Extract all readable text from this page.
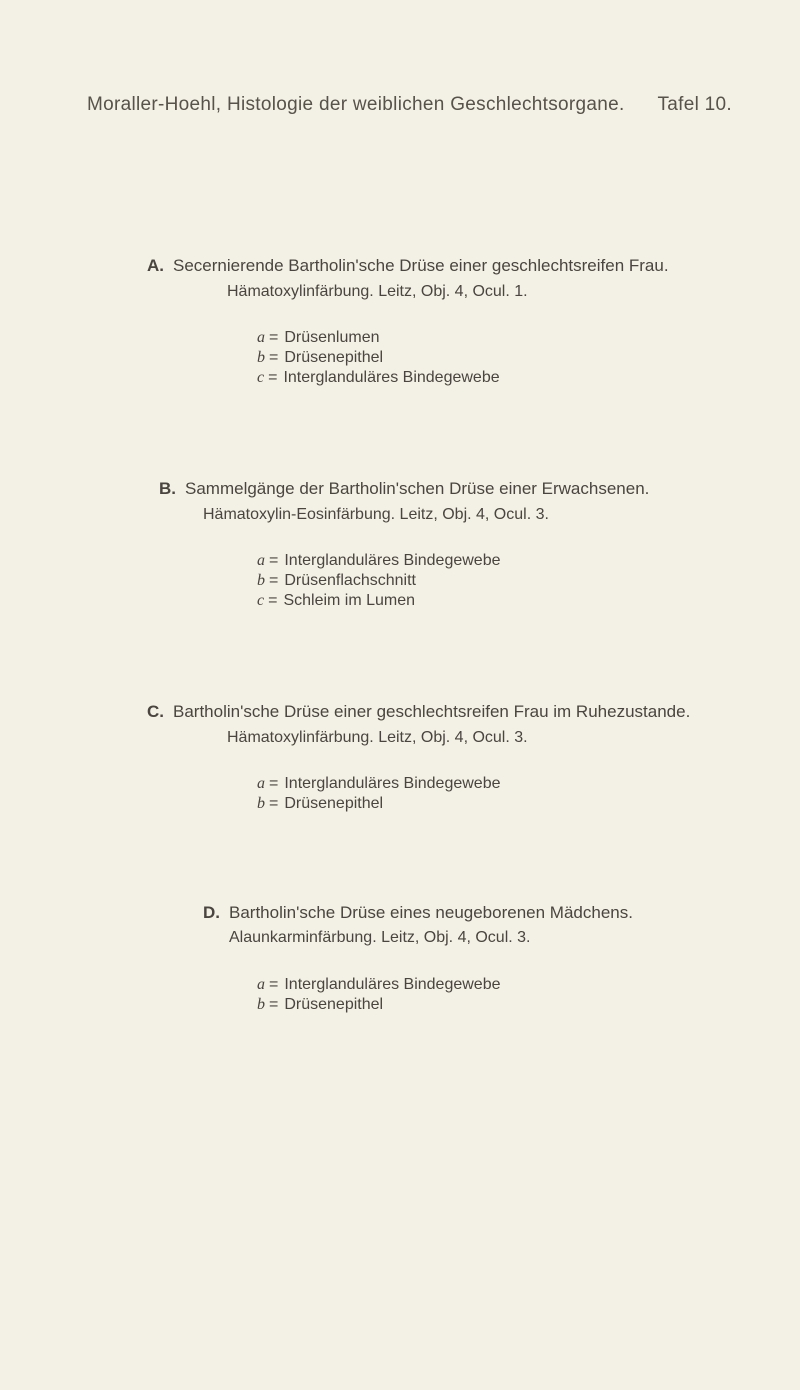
Moraller-Hoehl, Histologie der weiblichen Geschlechtsorgane. Tafel 10.
A. Secernierende Bartholin'sche Drüse einer geschlechtsreifen Frau.
Hämatoxylinfärbung. Leitz, Obj. 4, Ocul. 1.
a = Drüsenlumen
b = Drüsenepithel
c = Interglanduläres Bindegewebe
B. Sammelgänge der Bartholin'schen Drüse einer Erwachsenen.
Hämatoxylin-Eosinfärbung. Leitz, Obj. 4, Ocul. 3.
a = Interglanduläres Bindegewebe
b = Drüsenflachschnitt
c = Schleim im Lumen
C. Bartholin'sche Drüse einer geschlechtsreifen Frau im Ruhezustande.
Hämatoxylinfärbung. Leitz, Obj. 4, Ocul. 3.
a = Interglanduläres Bindegewebe
b = Drüsenepithel
D. Bartholin'sche Drüse eines neugeborenen Mädchens.
Alaunkarminfärbung. Leitz, Obj. 4, Ocul. 3.
a = Interglanduläres Bindegewebe
b = Drüsenepithel
